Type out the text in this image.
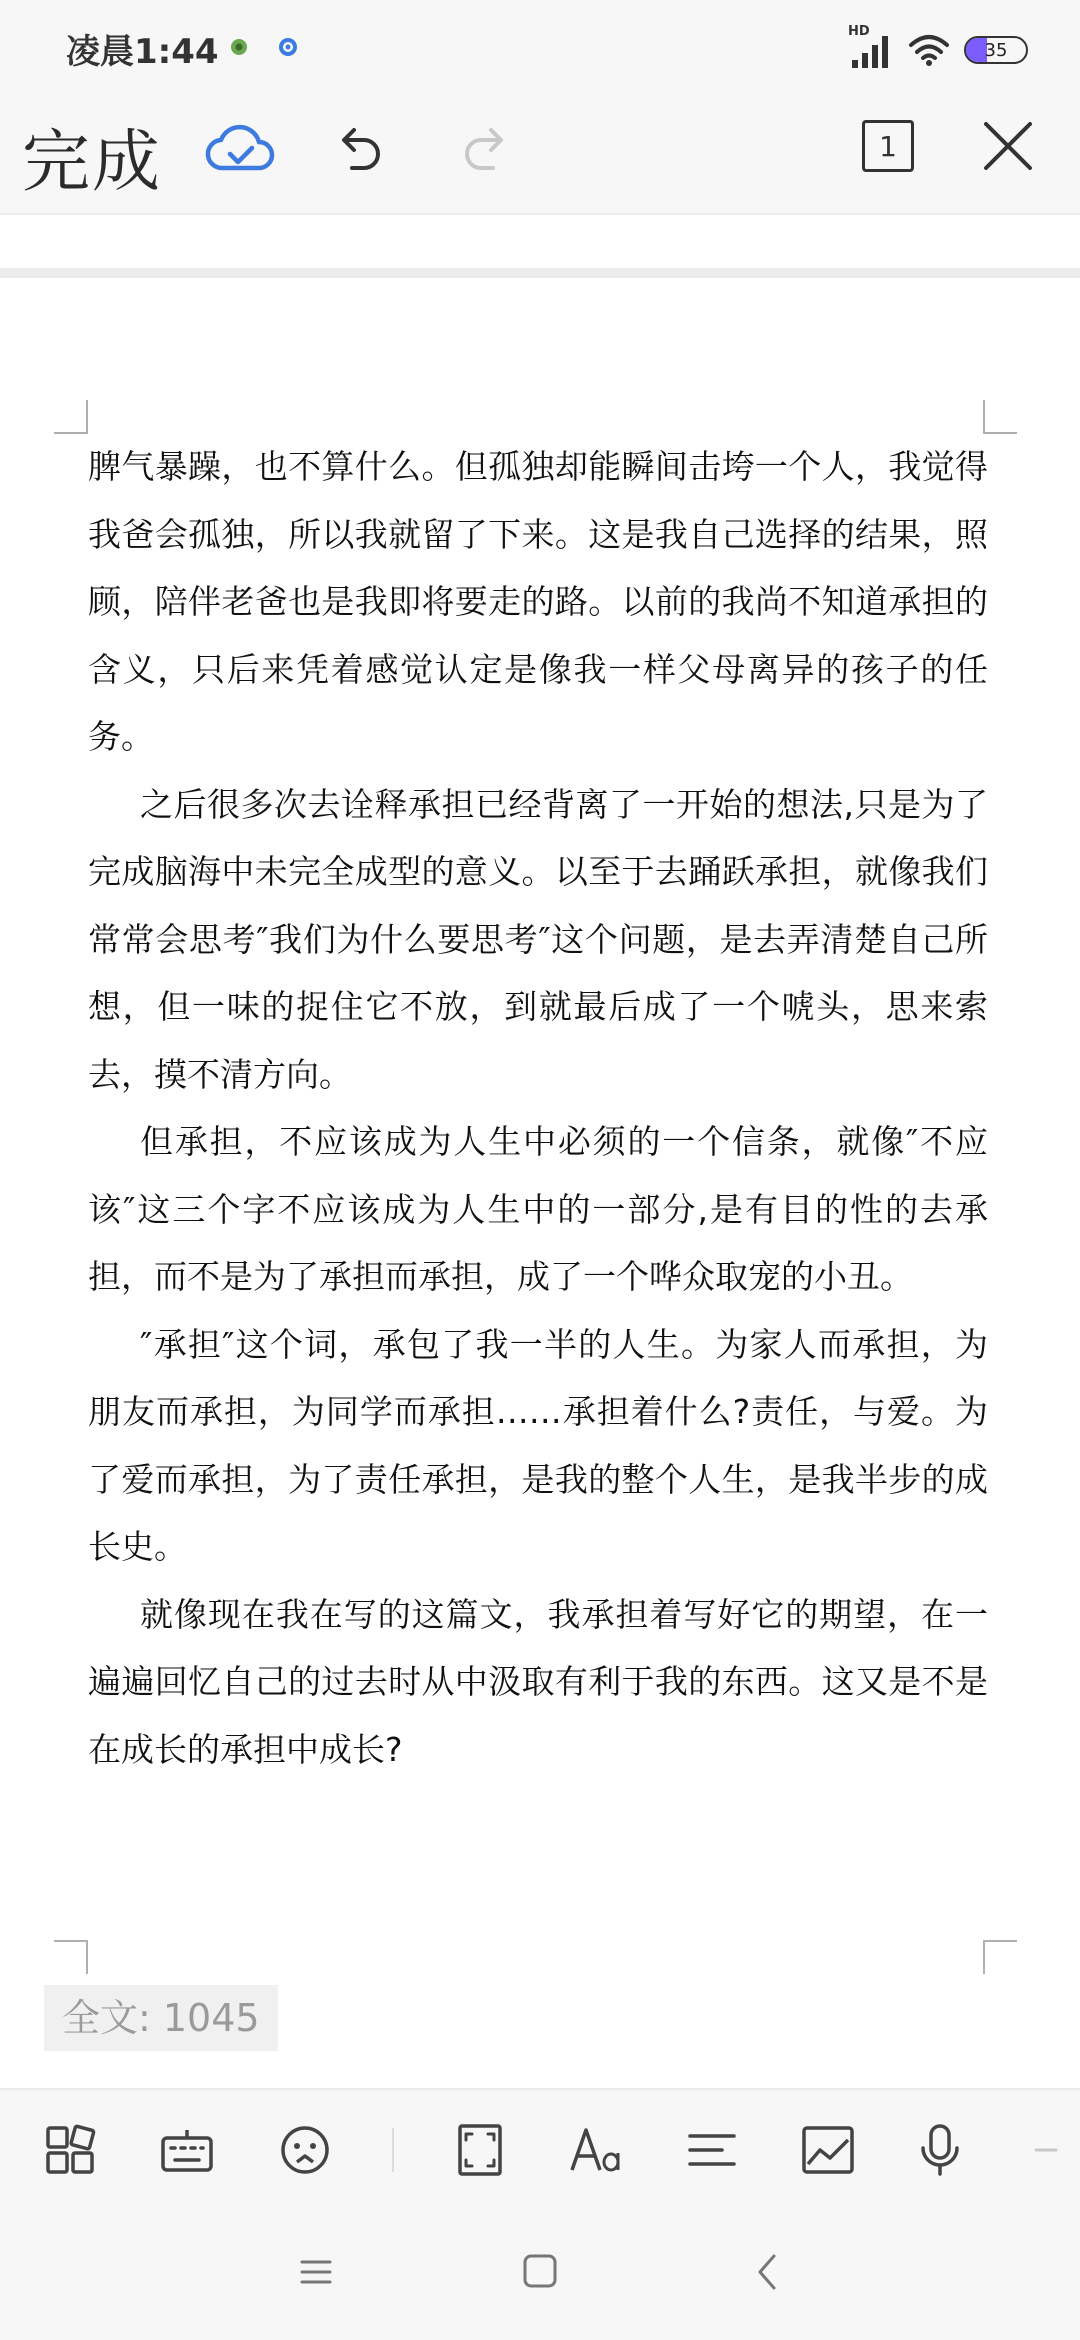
凌晨1:44
HD
35
完成	1

脾气暴躁，也不算什么。但孤独却能瞬间击垮一个人，我觉得我爸会孤独，所以我就留了下来。这是我自己选择的结果，照顾，陪伴老爸也是我即将要走的路。以前的我尚不知道承担的含义，只后来凭着感觉认定是像我一样父母离异的孩子的任务。

之后很多次去诠释承担已经背离了一开始的想法,只是为了完成脑海中未完全成型的意义。以至于去踊跃承担，就像我们常常会思考″我们为什么要思考″这个问题，是去弄清楚自己所想，但一味的捉住它不放，到就最后成了一个唬头，思来索去，摸不清方向。

但承担，不应该成为人生中必须的一个信条，就像″不应该″这三个字不应该成为人生中的一部分,是有目的性的去承担，而不是为了承担而承担，成了一个哗众取宠的小丑。

″承担″这个词，承包了我一半的人生。为家人而承担，为朋友而承担，为同学而承担……承担着什么?责任，与爱。为了爱而承担，为了责任承担，是我的整个人生，是我半步的成长史。

就像现在我在写的这篇文，我承担着写好它的期望，在一遍遍回忆自己的过去时从中汲取有利于我的东西。这又是不是在成长的承担中成长?

全文: 1045
